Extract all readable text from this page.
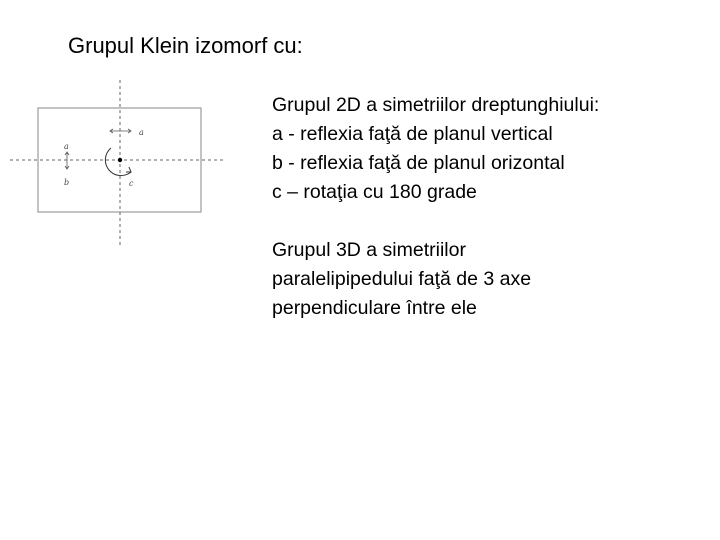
Grupul Klein izomorf cu:
a
a
b	c
Grupul 2D a simetriilor dreptunghiului:
a - reflexia faţă de planul vertical
b - reflexia faţă de planul orizontal
c – rotaţia cu 180 grade
Grupul 3D a simetriilor
paralelipipedului faţă de 3 axe
perpendiculare între ele
